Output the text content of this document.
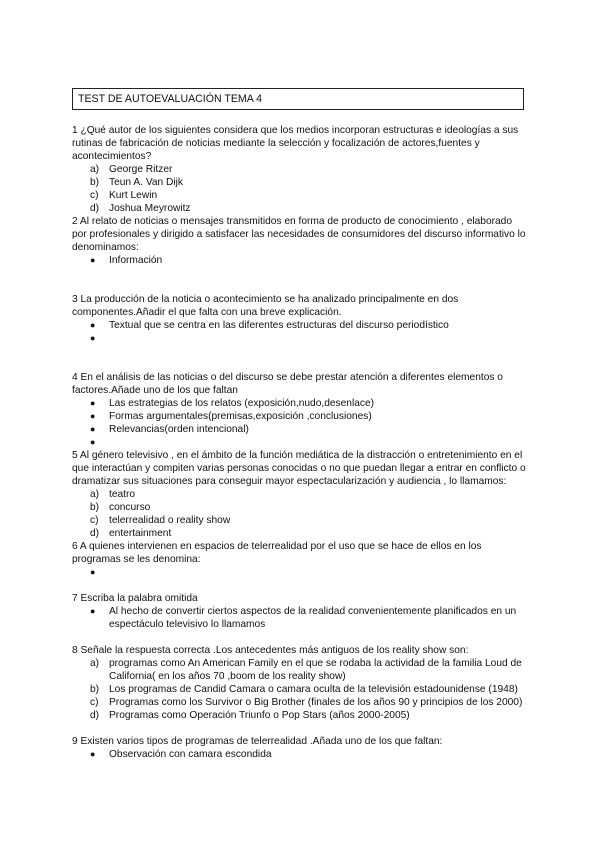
TEST DE AUTOEVALUACIÓN TEMA 4

1 ¿Qué autor de los siguientes considera que los medios incorporan estructuras e ideologías a sus rutinas de fabricación de noticias mediante la selección y focalización de actores,fuentes y acontecimientos?

a) George Ritzer
b) Teun A. Van Dijk
c)	Kurt Lewin
d) Joshua Meyrowitz

2 Al relato de noticias o mensajes transmitidos en forma de producto de conocimiento , elaborado por profesionales y dirigido a satisfacer las necesidades de consumidores del discurso informativo lo denominamos:

●	Información

3 La producción de la noticia o acontecimiento se ha analizado principalmente en dos componentes.Añadir el que falta con una breve explicación.

●	Textual que se centra en las diferentes estructuras del discurso periodístico
●

4 En el análisis de las noticias o del discurso se debe prestar atención a diferentes elementos o factores.Añade uno de los que faltan

●	Las estrategias de los relatos (exposición,nudo,desenlace)
●	Formas argumentales(premisas,exposición ,conclusiones)
●	Relevancias(orden intencional)
●

5 Al género televisivo , en el ámbito de la función mediática de la distracción o entretenimiento en el que interactúan y compiten varias personas conocidas o no que puedan llegar a entrar en conflicto o dramatizar sus situaciones para conseguir mayor espectacularización y audiencia , lo llamamos:

a) teatro
b) concurso
c)	telerrealidad o reality show
d) entertainment

6 A quienes intervienen en espacios de telerrealidad por el uso que se hace de ellos en los programas se les denomina:

●

7 Escriba la palabra omitida

●	Al hecho de convertir ciertos aspectos de la realidad convenientemente planificados en un espectáculo televisivo lo llamamos

8 Señale la respuesta correcta .Los antecedentes más antiguos de los reality show son:

a) programas como An American Family en el que se rodaba la actividad de la familia Loud de California( en los años 70 ,boom de los reality show)
b) Los programas de Candid Camara o camara oculta de la televisión estadounidense (1948)
c)	Programas como los Survivor o Big Brother (finales de los años 90 y principios de los 2000)
d) Programas como Operación Triunfo o Pop Stars (años 2000-2005)

9 Existen varios tipos de programas de telerrealidad .Añada uno de los que faltan:

●	Observación con camara escondida
